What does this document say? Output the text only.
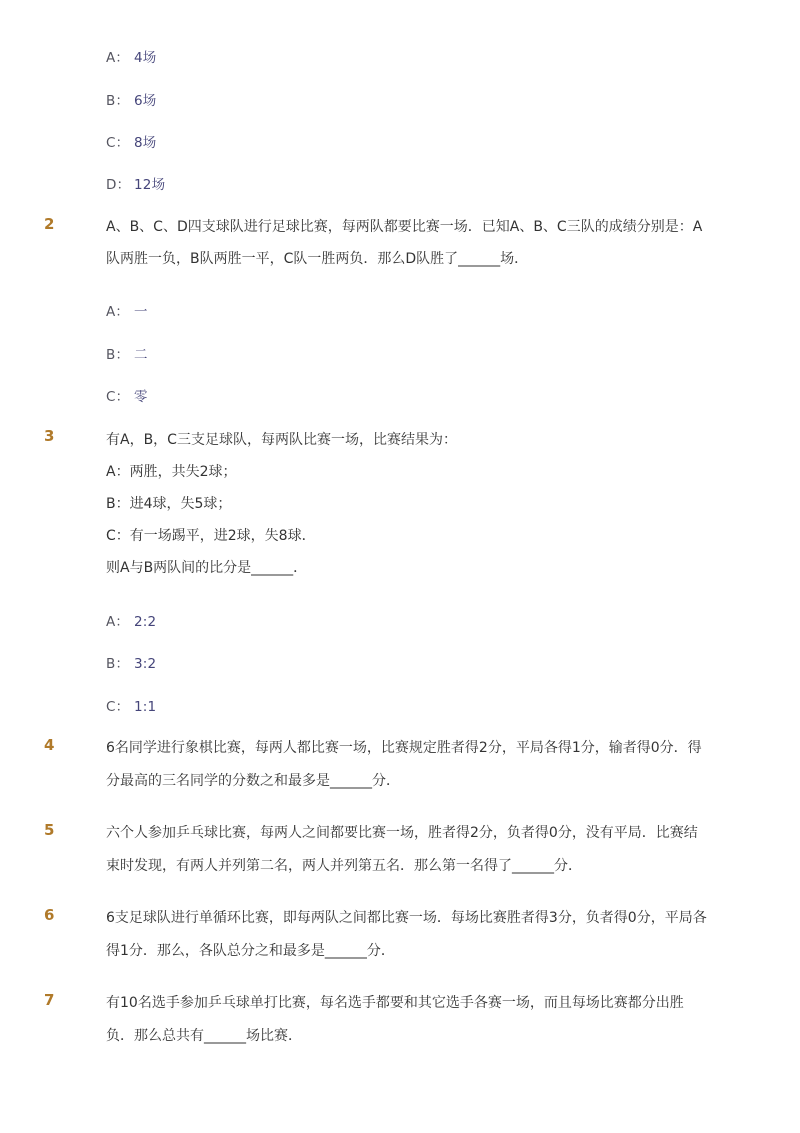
A： 4场
B： 6场
C： 8场
D： 12场
2	A、B、C、D四支球队进行足球比赛，每两队都要比赛一场．已知A、B、C三队的成绩分别是：A
队两胜一负，B队两胜一平，C队一胜两负．那么D队胜了______场．
A： 一
B： 二
C： 零
3	有A，B，C三支足球队，每两队比赛一场，比赛结果为：
A：两胜，共失2球；
B：进4球，失5球；
C：有一场踢平，进2球，失8球．
则A与B两队间的比分是______．
A： 2:2
B： 3:2
C： 1:1
4	6名同学进行象棋比赛，每两人都比赛一场，比赛规定胜者得2分，平局各得1分，输者得0分．得
分最高的三名同学的分数之和最多是______分．
5	六个人参加乒乓球比赛，每两人之间都要比赛一场，胜者得2分，负者得0分，没有平局．比赛结
束时发现，有两人并列第二名，两人并列第五名．那么第一名得了______分．
6	6支足球队进行单循环比赛，即每两队之间都比赛一场．每场比赛胜者得3分，负者得0分，平局各
得1分．那么，各队总分之和最多是______分．
7	有10名选手参加乒乓球单打比赛，每名选手都要和其它选手各赛一场，而且每场比赛都分出胜
负．那么总共有______场比赛．
